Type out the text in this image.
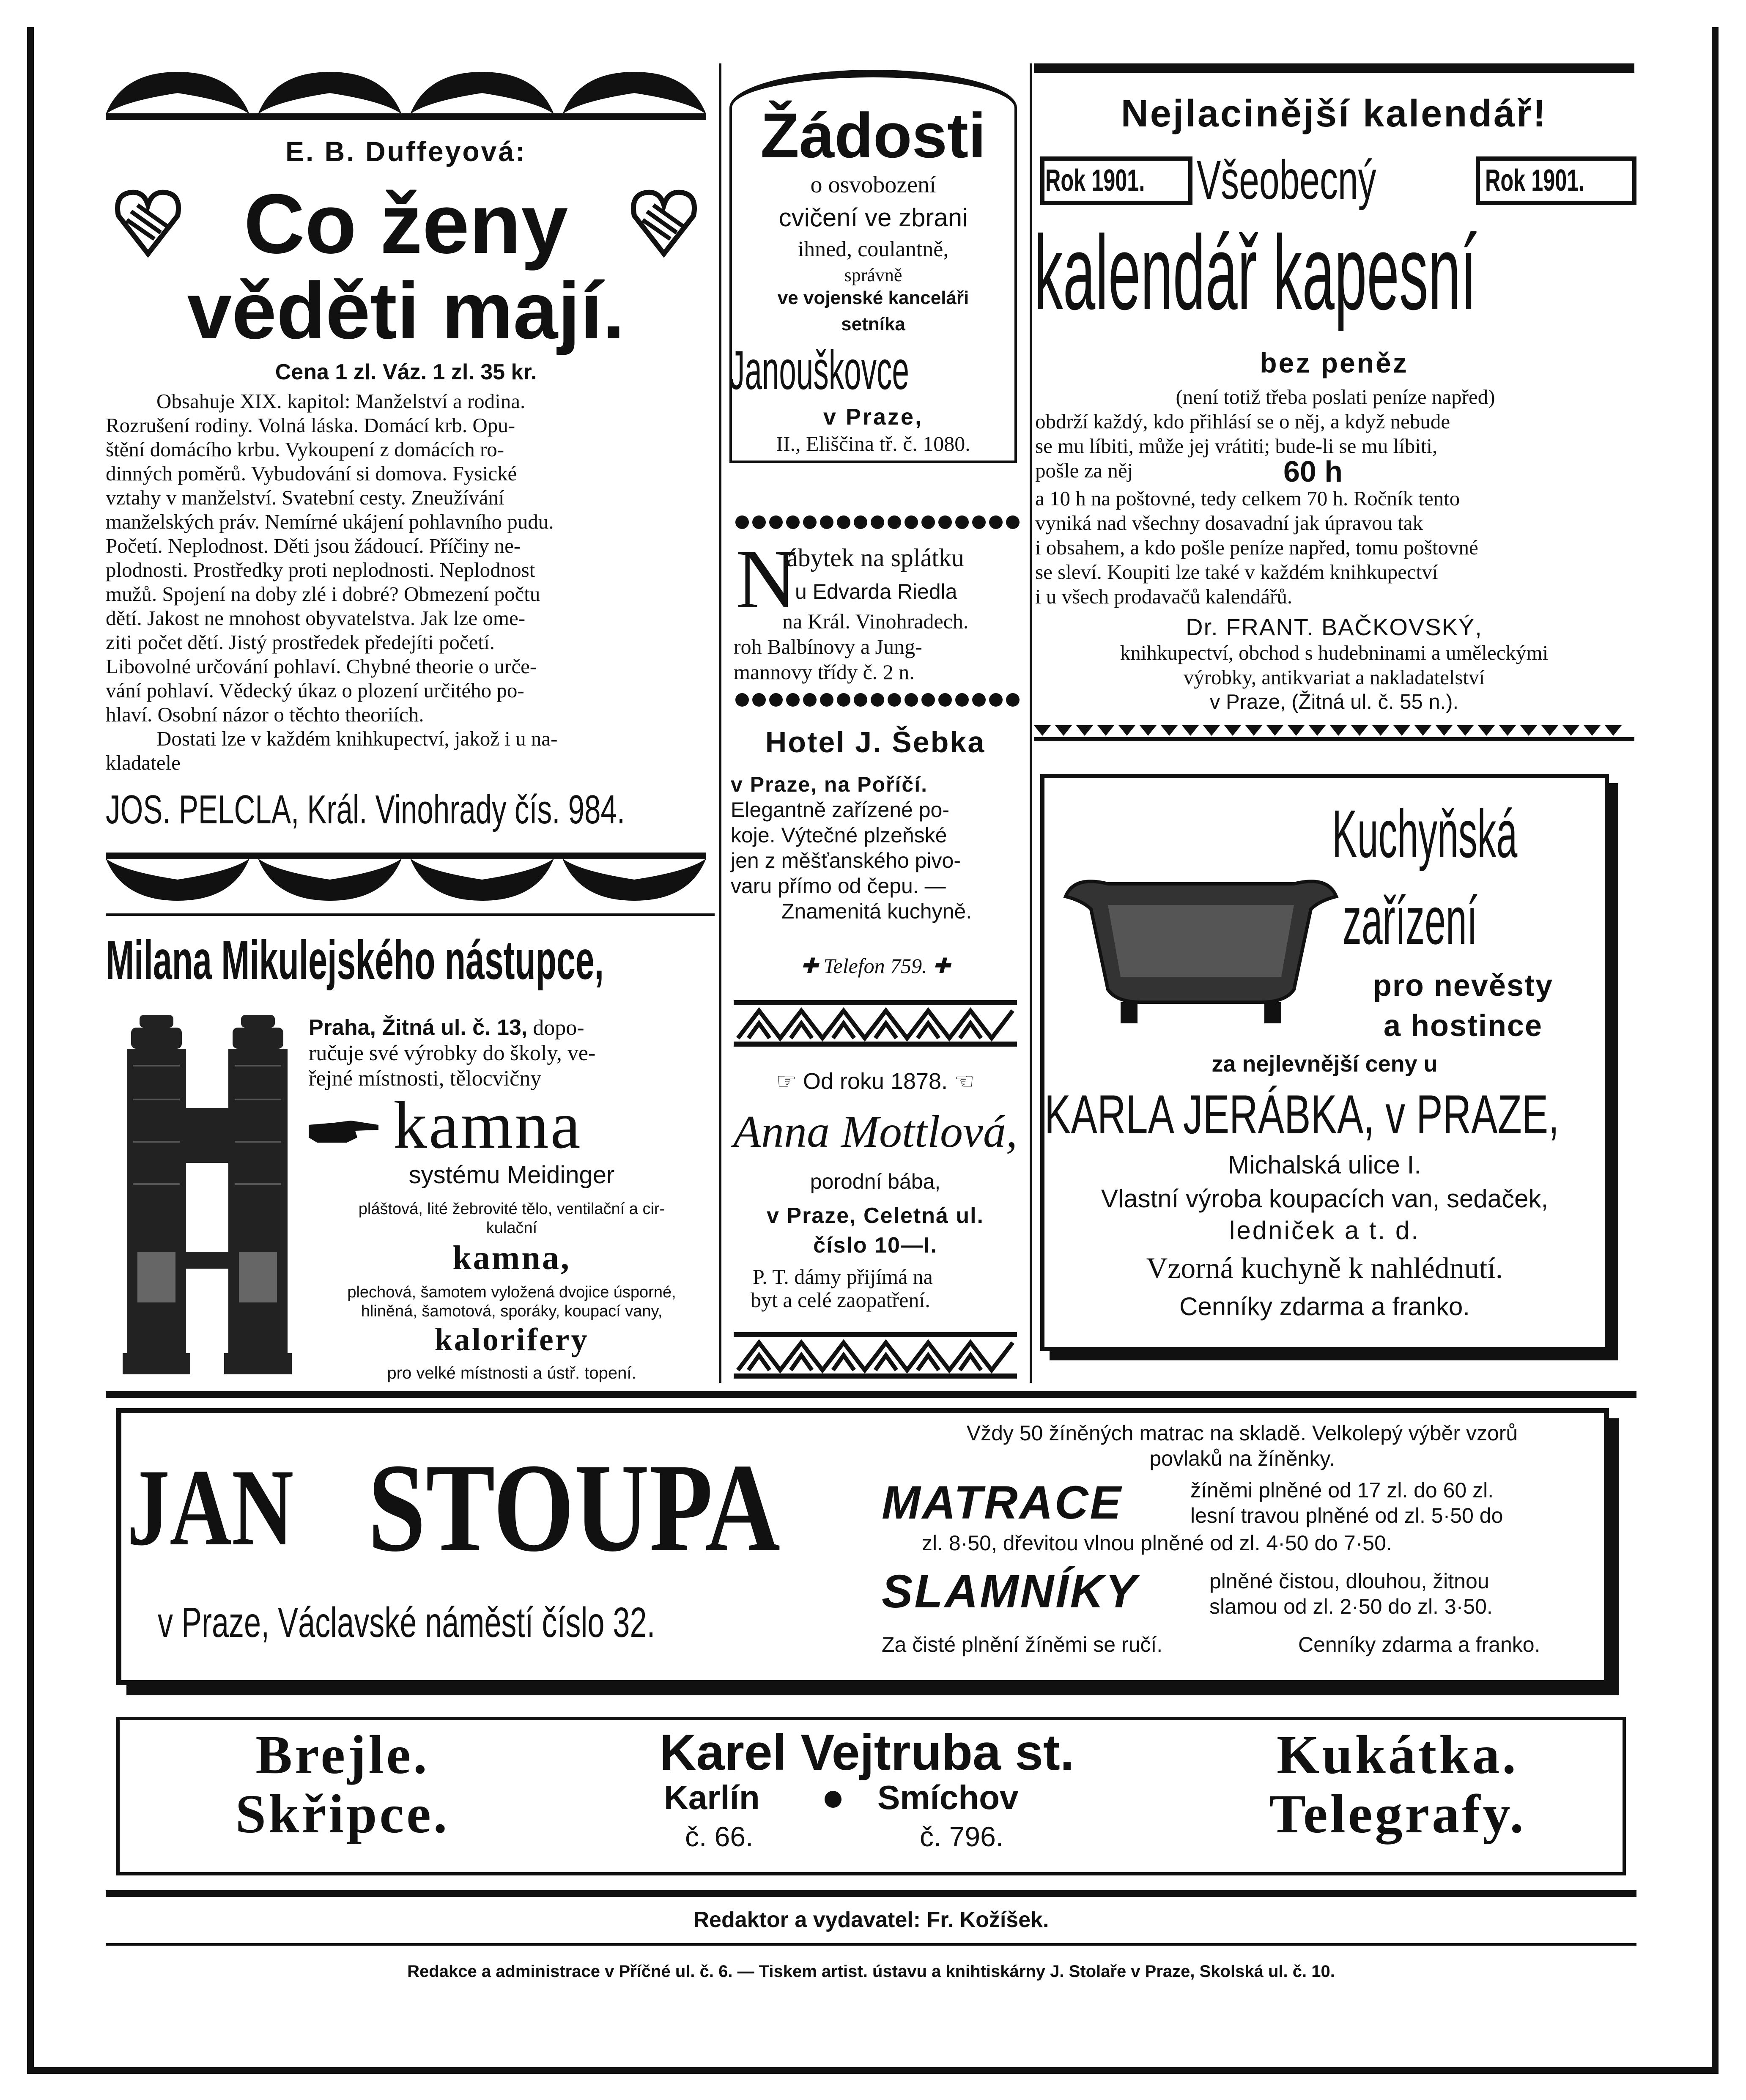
E. B. Duffeyová:
Co ženy
věděti mají.
Cena 1 zl. Váz. 1 zl. 35 kr.
Obsahuje XIX. kapitol: Manželství a rodina.
Rozrušení rodiny. Volná láska. Domácí krb. Opu-
štění domácího krbu. Vykoupení z domácích ro-
dinných poměrů. Vybudování si domova. Fysické
vztahy v manželství. Svatební cesty. Zneužívání
manželských práv. Nemírné ukájení pohlavního pudu.
Početí. Neplodnost. Děti jsou žádoucí. Příčiny ne-
plodnosti. Prostředky proti neplodnosti. Neplodnost
mužů. Spojení na doby zlé i dobré? Obmezení počtu
dětí. Jakost ne mnohost obyvatelstva. Jak lze ome-
ziti počet dětí. Jistý prostředek předejíti početí.
Libovolné určování pohlaví. Chybné theorie o urče-
vání pohlaví. Vědecký úkaz o plození určitého po-
hlaví. Osobní názor o těchto theoriích.
Dostati lze v každém knihkupectví, jakož i u na-
kladatele
JOS. PELCLA, Král. Vinohrady čís. 984.
Milana Mikulejského nástupce,
Praha, Žitná ul. č. 13, dopo-
ručuje své výrobky do školy, ve-
řejné místnosti, tělocvičny
kamna
systému Meidinger
pláštová, lité žebrovité tělo, ventilační a cir-
kulační
kamna,
plechová, šamotem vyložená dvojice úsporné,
hliněná, šamotová, sporáky, koupací vany,
kalorifery
pro velké místnosti a ústř. topení.
Žádosti
o osvobození
cvičení ve zbrani
ihned, coulantně,
správně
ve vojenské kanceláři
setníka
Janouškovce
v Praze,
II., Eliščina tř. č. 1080.
N
ábytek na splátku
u Edvarda Riedla
na Král. Vinohradech.
roh Balbínovy a Jung-
mannovy třídy č. 2 n.
Hotel J. Šebka
v Praze, na Poříčí.
Elegantně zařízené po-
koje. Výtečné plzeňské
jen z měšťanského pivo-
varu přímo od čepu. —
Znamenitá kuchyně.
✚ Telefon 759. ✚
☞ Od roku 1878. ☜
Anna Mottlová,
porodní bába,
v Praze, Celetná ul.
číslo 10—I.
P. T. dámy přijímá na
byt a celé zaopatření.
Nejlacinější kalendář!
Rok 1901. Všeobecný	Rok 1901.
kalendář kapesní
bez peněz
(není totiž třeba poslati peníze napřed)
obdrží každý, kdo přihlásí se o něj, a když nebude
se mu líbiti, může jej vrátiti; bude-li se mu líbiti,
pošle za něj	60 h
a 10 h na poštovné, tedy celkem 70 h. Ročník tento
vyniká nad všechny dosavadní jak úpravou tak
i obsahem, a kdo pošle peníze napřed, tomu poštovné
se sleví. Koupiti lze také v každém knihkupectví
i u všech prodavačů kalendářů.
Dr. FRANT. BAČKOVSKÝ,
knihkupectví, obchod s hudebninami a uměleckými
výrobky, antikvariat a nakladatelství
v Praze, (Žitná ul. č. 55 n.).
Kuchyňská
zařízení
pro nevěsty
a hostince
za nejlevnější ceny u
KARLA JERÁBKA, v PRAZE,
Michalská ulice I.
Vlastní výroba koupacích van, sedaček,
ledniček a t. d.
Vzorná kuchyně k nahlédnutí.
Cenníky zdarma a franko.
JAN STOUPA
v Praze, Václavské náměstí číslo 32.
Vždy 50 žíněných matrac na skladě. Velkolepý výběr vzorů
povlaků na žíněnky.
MATRACE	žíněmi plněné od 17 zl. do 60 zl.
lesní travou plněné od zl. 5·50 do
zl. 8·50, dřevitou vlnou plněné od zl. 4·50 do 7·50.
SLAMNÍKY	plněné čistou, dlouhou, žitnou
slamou od zl. 2·50 do zl. 3·50.
Za čisté plnění žíněmi se ručí.	Cenníky zdarma a franko.
Brejle.
Skřipce.
Karel Vejtruba st.
Karlín	Smíchov
č. 66.	č. 796.
Kukátka.
Telegrafy.
Redaktor a vydavatel: Fr. Kožíšek.
Redakce a administrace v Příčné ul. č. 6. — Tiskem artist. ústavu a knihtiskárny J. Stolaře v Praze, Skolská ul. č. 10.
